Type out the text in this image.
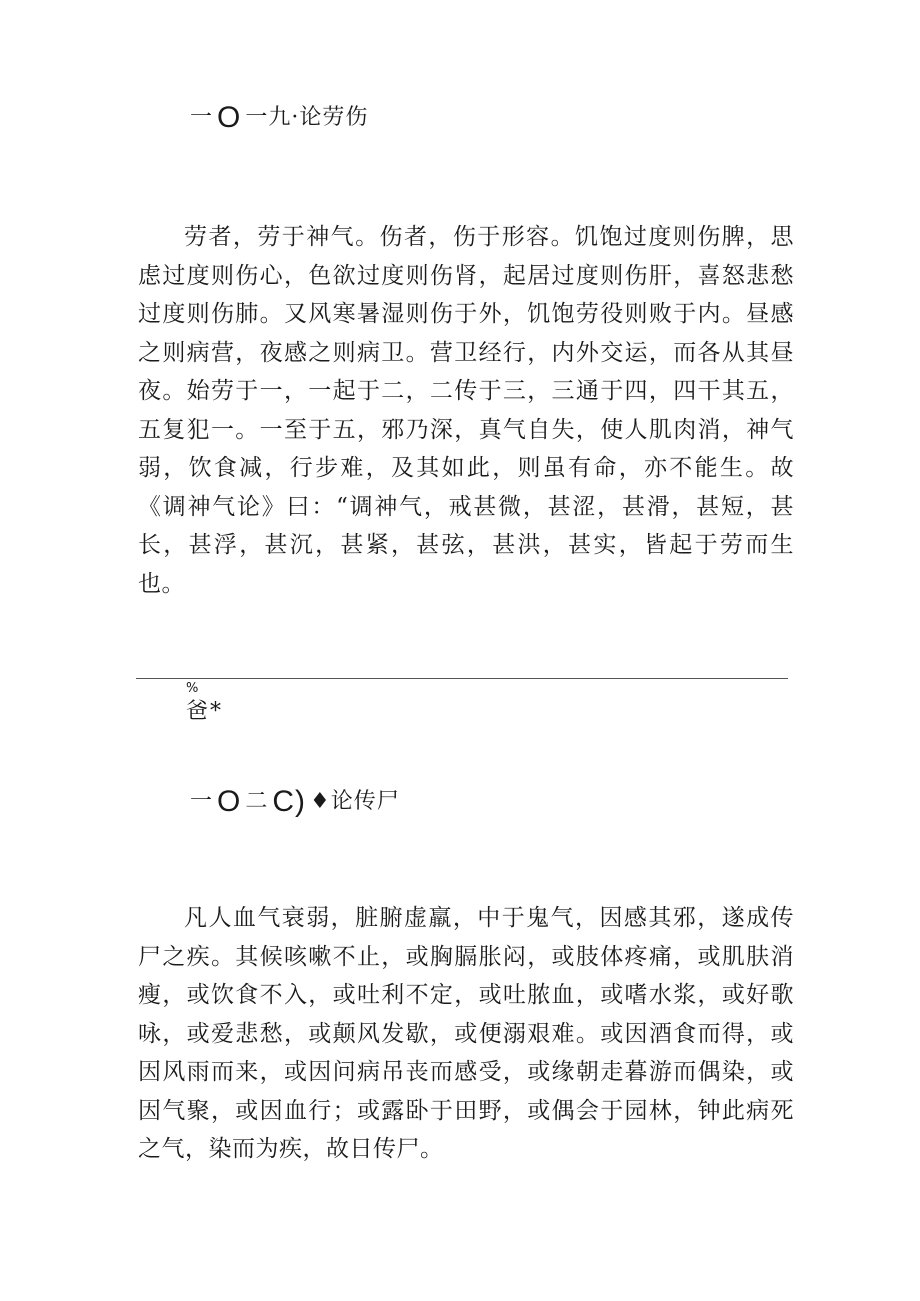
一 O 一九·论劳伤

劳者，劳于神气。伤者，伤于形容。饥饱过度则伤脾，思虑过度则伤心，色欲过度则伤肾，起居过度则伤肝，喜怒悲愁过度则伤肺。又风寒暑湿则伤于外，饥饱劳役则败于内。昼感之则病营，夜感之则病卫。营卫经行，内外交运，而各从其昼夜。始劳于一，一起于二，二传于三，三通于四，四干其五，五复犯一。一至于五，邪乃深，真气自失，使人肌肉消，神气弱，饮食减，行步难，及其如此，则虽有命，亦不能生。故《调神气论》曰：“调神气，戒甚微，甚涩，甚滑，甚短，甚长，甚浮，甚沉，甚紧，甚弦，甚洪，甚实，皆起于劳而生也。

%
爸*
一 O 二 C) ♦论传尸

凡人血气衰弱，脏腑虚羸，中于鬼气，因感其邪，遂成传尸之疾。其候咳嗽不止，或胸膈胀闷，或肢体疼痛，或肌肤消瘦，或饮食不入，或吐利不定，或吐脓血，或嗜水浆，或好歌咏，或爱悲愁，或颠风发歇，或便溺艰难。或因酒食而得，或因风雨而来，或因问病吊丧而感受，或缘朝走暮游而偶染，或因气聚，或因血行；或露卧于田野，或偶会于园林，钟此病死之气，染而为疾，故日传尸。
